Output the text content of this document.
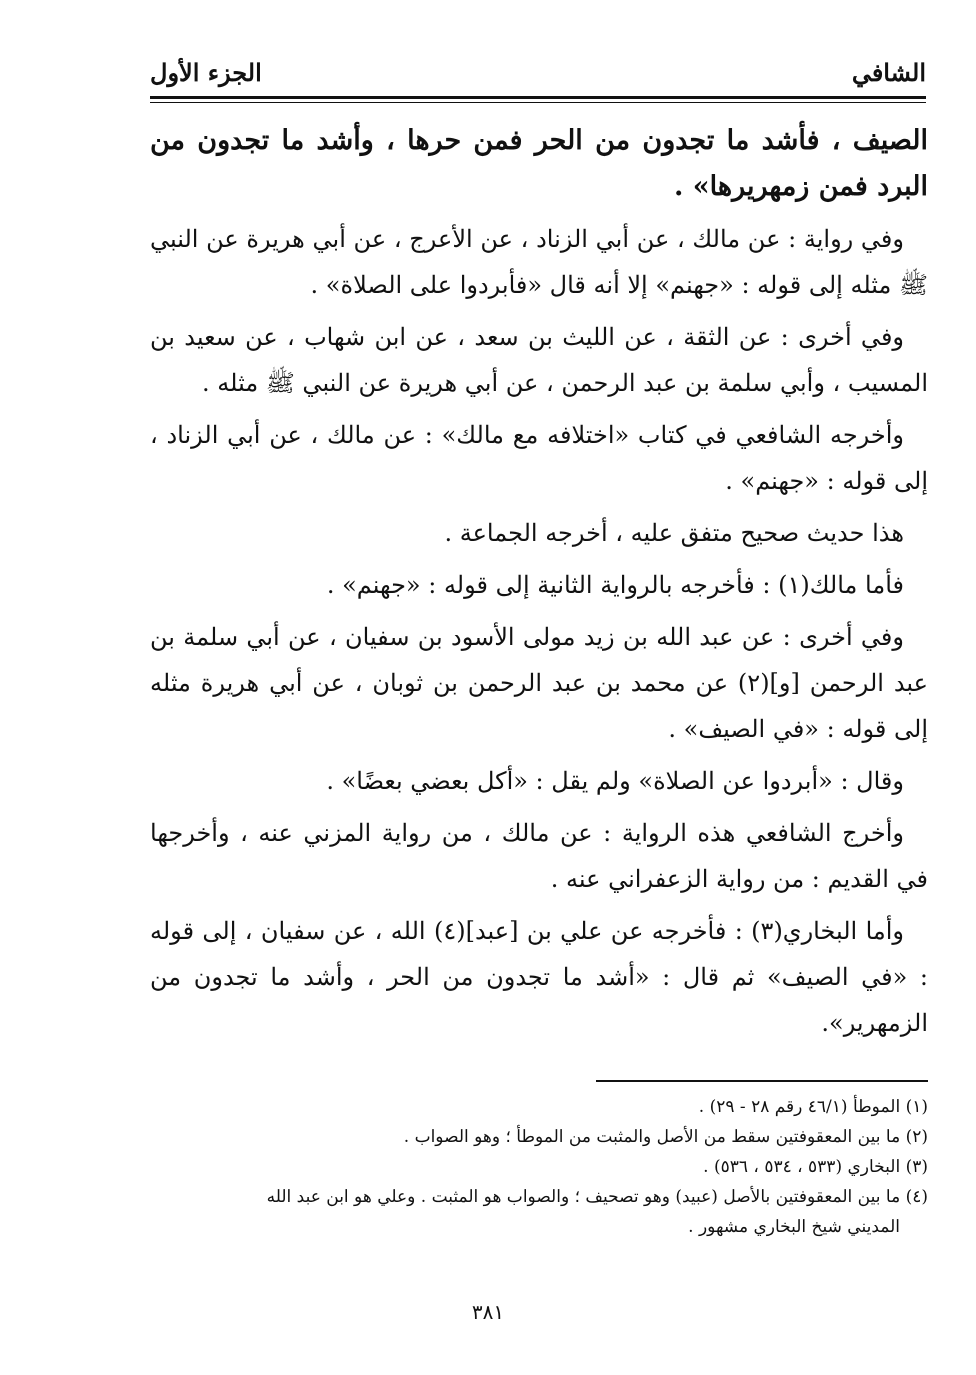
الشافي
الجزء الأول

الصيف ، فأشد ما تجدون من الحر فمن حرها ، وأشد ما تجدون من البرد فمن زمهريرها» .

وفي رواية : عن مالك ، عن أبي الزناد ، عن الأعرج ، عن أبي هريرة عن النبي ﷺ مثله إلى قوله : «جهنم» إلا أنه قال «فأبردوا على الصلاة» .

وفي أخرى : عن الثقة ، عن الليث بن سعد ، عن ابن شهاب ، عن سعيد بن المسيب ، وأبي سلمة بن عبد الرحمن ، عن أبي هريرة عن النبي ﷺ مثله .

وأخرجه الشافعي في كتاب «اختلافه مع مالك» : عن مالك ، عن أبي الزناد ، إلى قوله : «جهنم» .

هذا حديث صحيح متفق عليه ، أخرجه الجماعة .

فأما مالك(١) : فأخرجه بالرواية الثانية إلى قوله : «جهنم» .

وفي أخرى : عن عبد الله بن زيد مولى الأسود بن سفيان ، عن أبي سلمة بن عبد الرحمن [و](٢) عن محمد بن عبد الرحمن بن ثوبان ، عن أبي هريرة مثله إلى قوله : «في الصيف» .

وقال : «أبردوا عن الصلاة» ولم يقل : «أكل بعضي بعضًا» .

وأخرج الشافعي هذه الرواية : عن مالك ، من رواية المزني عنه ، وأخرجها في القديم : من رواية الزعفراني عنه .

وأما البخاري(٣) : فأخرجه عن علي بن [عبد](٤) الله ، عن سفيان ، إلى قوله : «في الصيف» ثم قال : «أشد ما تجدون من الحر ، وأشد ما تجدون من الزمهرير».

(١) الموطأ (٤٦/١ رقم ٢٨ - ٢٩) .
(٢) ما بين المعقوفتين سقط من الأصل والمثبت من الموطأ ؛ وهو الصواب .
(٣) البخاري (٥٣٣ ، ٥٣٤ ، ٥٣٦) .
(٤) ما بين المعقوفتين بالأصل (عبيد) وهو تصحيف ؛ والصواب هو المثبت . وعلي هو ابن عبد الله
المديني شيخ البخاري مشهور .
٣٨١
